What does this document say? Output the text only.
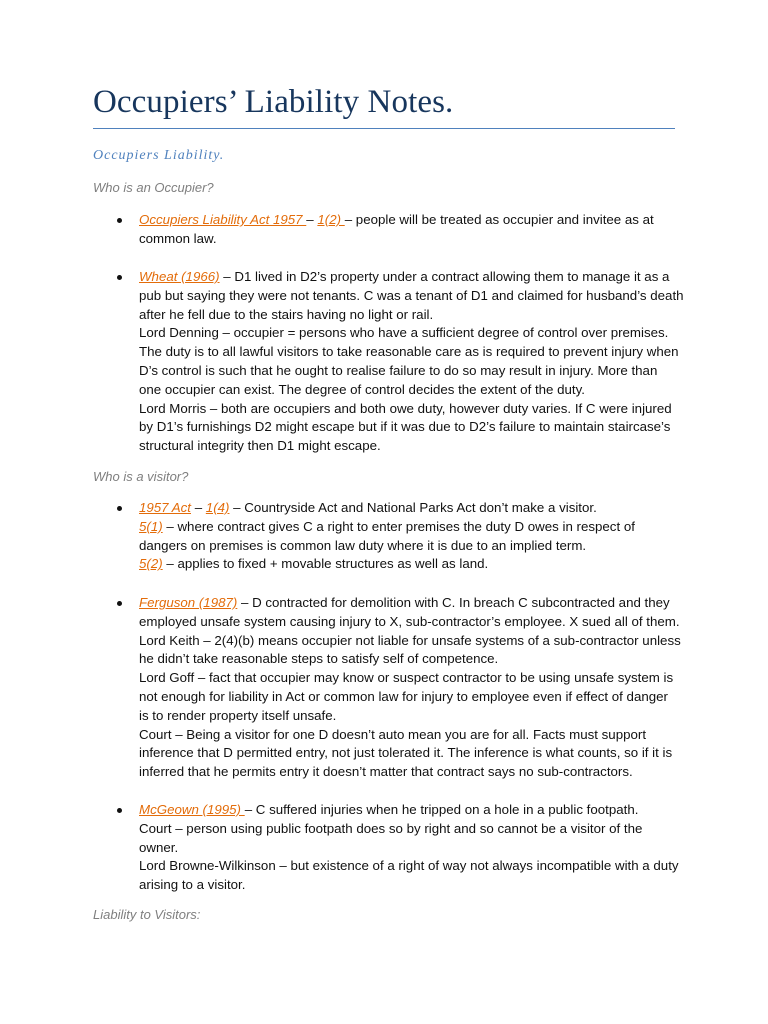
Occupiers’ Liability Notes.
Occupiers Liability.
Who is an Occupier?

Occupiers Liability Act 1957 – 1(2) – people will be treated as occupier and invitee as at

common law.

Wheat (1966) – D1 lived in D2’s property under a contract allowing them to manage it as a

pub but saying they were not tenants. C was a tenant of D1 and claimed for husband’s death

after he fell due to the stairs having no light or rail.

Lord Denning – occupier = persons who have a sufficient degree of control over premises.

The duty is to all lawful visitors to take reasonable care as is required to prevent injury when

D’s control is such that he ought to realise failure to do so may result in injury. More than

one occupier can exist. The degree of control decides the extent of the duty.

Lord Morris – both are occupiers and both owe duty, however duty varies. If C were injured

by D1’s furnishings D2 might escape but if it was due to D2’s failure to maintain staircase’s

structural integrity then D1 might escape.

Who is a visitor?

1957 Act – 1(4) – Countryside Act and National Parks Act don’t make a visitor.

5(1) – where contract gives C a right to enter premises the duty D owes in respect of

dangers on premises is common law duty where it is due to an implied term.

5(2) – applies to fixed + movable structures as well as land.

Ferguson (1987) – D contracted for demolition with C. In breach C subcontracted and they

employed unsafe system causing injury to X, sub-contractor’s employee. X sued all of them.

Lord Keith – 2(4)(b) means occupier not liable for unsafe systems of a sub-contractor unless

he didn’t take reasonable steps to satisfy self of competence.

Lord Goff – fact that occupier may know or suspect contractor to be using unsafe system is

not enough for liability in Act or common law for injury to employee even if effect of danger

is to render property itself unsafe.

Court – Being a visitor for one D doesn’t auto mean you are for all. Facts must support

inference that D permitted entry, not just tolerated it. The inference is what counts, so if it is

inferred that he permits entry it doesn’t matter that contract says no sub-contractors.

McGeown (1995) – C suffered injuries when he tripped on a hole in a public footpath.

Court – person using public footpath does so by right and so cannot be a visitor of the

owner.

Lord Browne-Wilkinson – but existence of a right of way not always incompatible with a duty

arising to a visitor.

Liability to Visitors:
